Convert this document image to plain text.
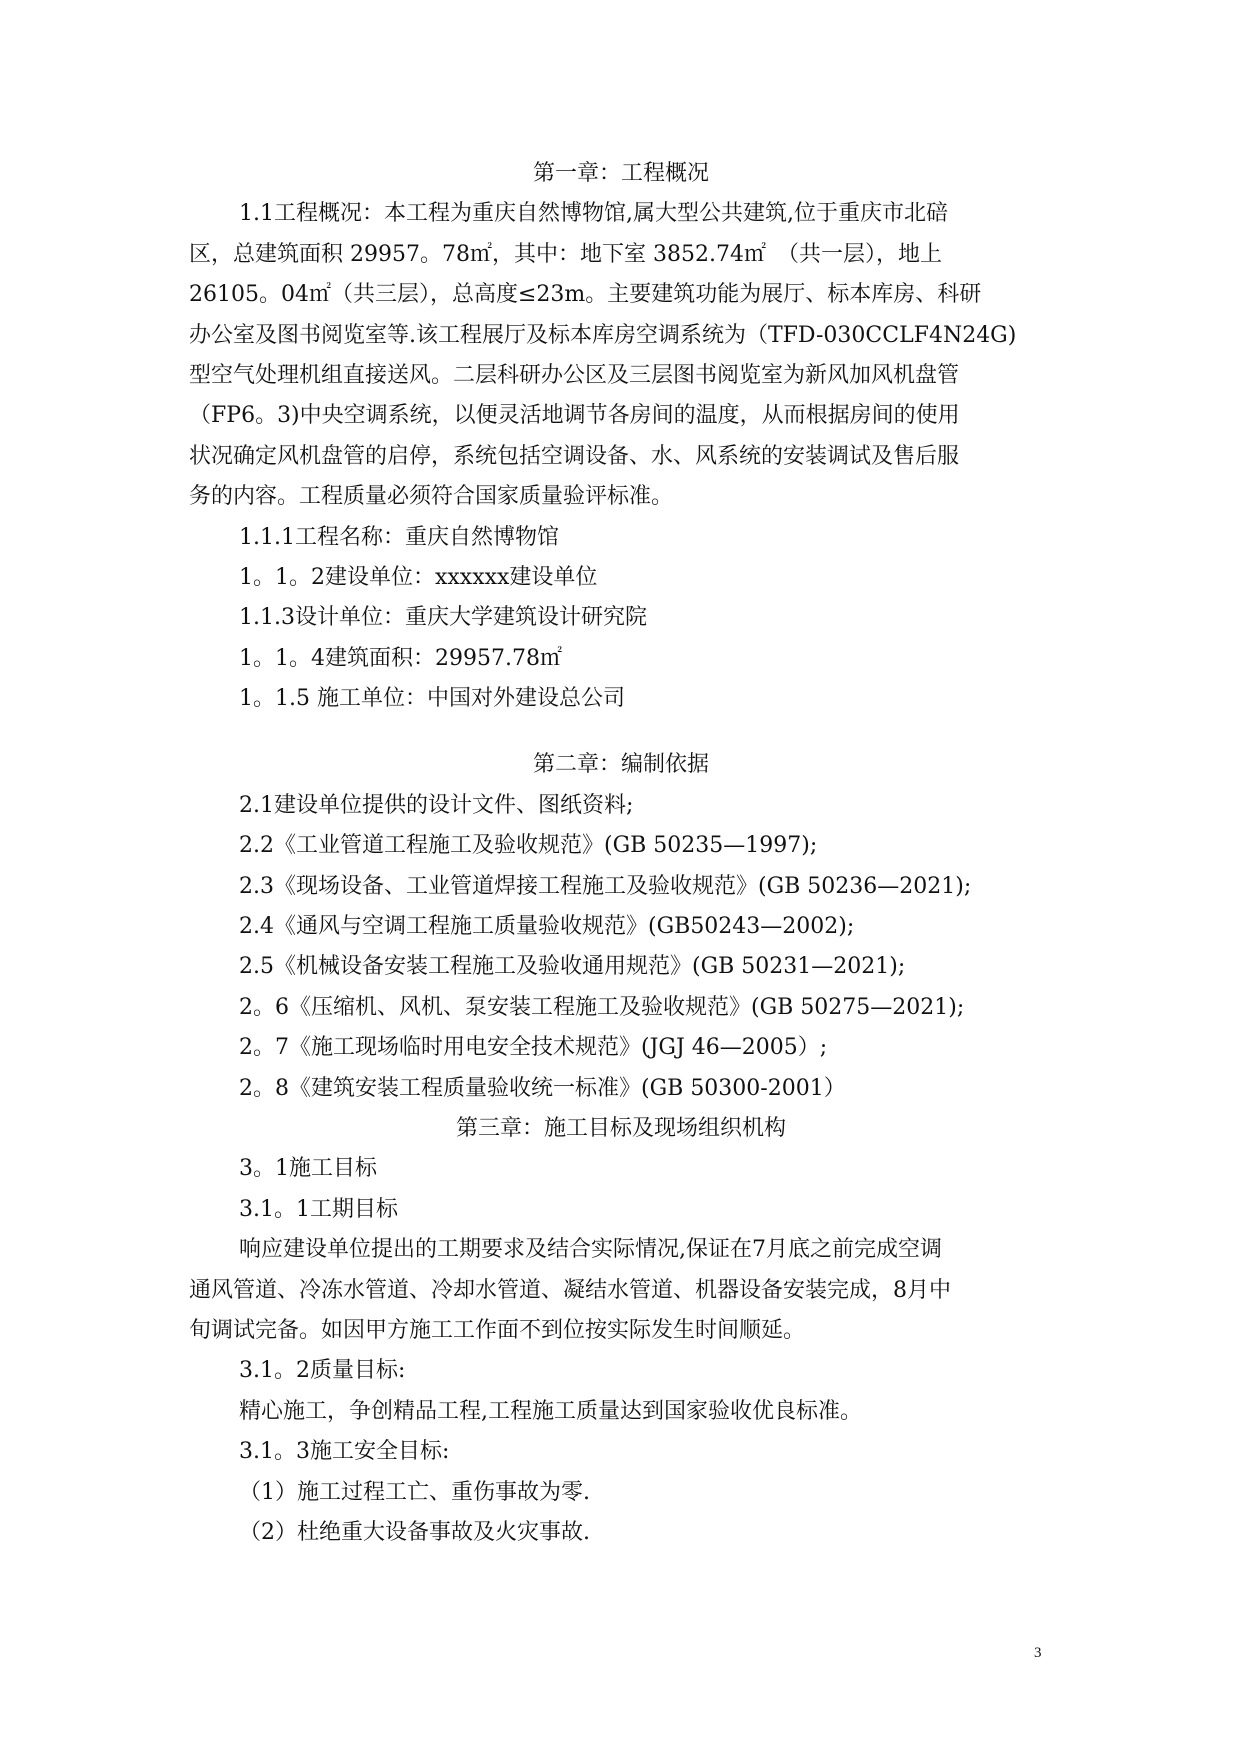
第一章：工程概况
1.1工程概况：本工程为重庆自然博物馆,属大型公共建筑,位于重庆市北碚
区，总建筑面积 29957。78㎡，其中：地下室 3852.74㎡　（共一层），地上
26105。04㎡（共三层），总高度≤23m。主要建筑功能为展厅、标本库房、科研
办公室及图书阅览室等.该工程展厅及标本库房空调系统为（TFD-030CCLF4N24G)
型空气处理机组直接送风。二层科研办公区及三层图书阅览室为新风加风机盘管
（FP6。3)中央空调系统，以便灵活地调节各房间的温度，从而根据房间的使用
状况确定风机盘管的启停，系统包括空调设备、水、风系统的安装调试及售后服
务的内容。工程质量必须符合国家质量验评标准。
1.1.1工程名称：重庆自然博物馆
1。1。2建设单位：xxxxxx建设单位
1.1.3设计单位：重庆大学建筑设计研究院
1。1。4建筑面积：29957.78㎡
1。1.5 施工单位：中国对外建设总公司
第二章：编制依据
2.1建设单位提供的设计文件、图纸资料;
2.2《工业管道工程施工及验收规范》(GB 50235—1997);
2.3《现场设备、工业管道焊接工程施工及验收规范》(GB 50236—2021);
2.4《通风与空调工程施工质量验收规范》(GB50243—2002);
2.5《机械设备安装工程施工及验收通用规范》(GB 50231—2021);
2。6《压缩机、风机、泵安装工程施工及验收规范》(GB 50275—2021);
2。7《施工现场临时用电安全技术规范》(JGJ 46—2005）;
2。8《建筑安装工程质量验收统一标准》(GB 50300-2001）
第三章：施工目标及现场组织机构
3。1施工目标
3.1。1工期目标
响应建设单位提出的工期要求及结合实际情况,保证在7月底之前完成空调
通风管道、冷冻水管道、冷却水管道、凝结水管道、机器设备安装完成，8月中
旬调试完备。如因甲方施工工作面不到位按实际发生时间顺延。
3.1。2质量目标:
精心施工，争创精品工程,工程施工质量达到国家验收优良标准。
3.1。3施工安全目标:
（1）施工过程工亡、重伤事故为零.
（2）杜绝重大设备事故及火灾事故.
3
